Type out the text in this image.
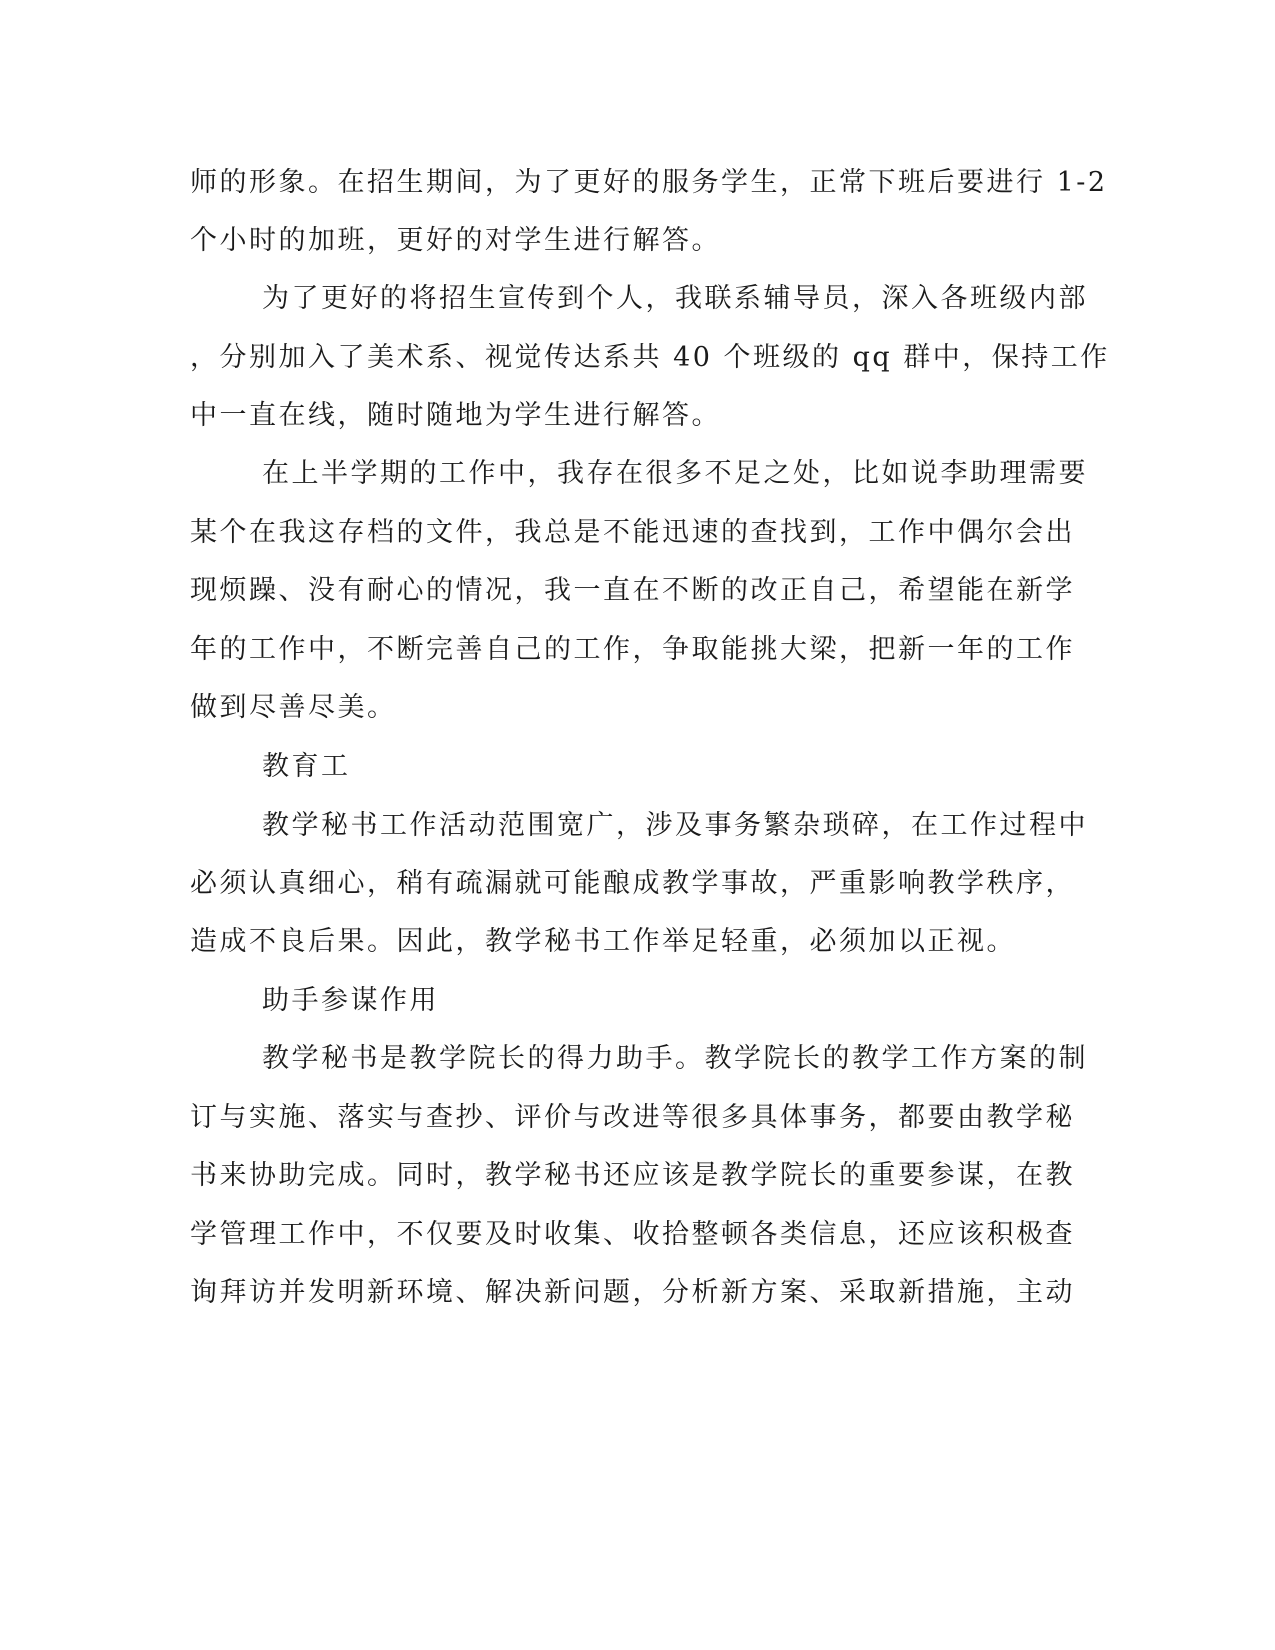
师的形象。在招生期间，为了更好的服务学生，正常下班后要进行 1-2

个小时的加班，更好的对学生进行解答。

为了更好的将招生宣传到个人，我联系辅导员，深入各班级内部

，分别加入了美术系、视觉传达系共 40 个班级的 qq 群中，保持工作

中一直在线，随时随地为学生进行解答。

在上半学期的工作中，我存在很多不足之处，比如说李助理需要

某个在我这存档的文件，我总是不能迅速的查找到，工作中偶尔会出

现烦躁、没有耐心的情况，我一直在不断的改正自己，希望能在新学

年的工作中，不断完善自己的工作，争取能挑大梁，把新一年的工作

做到尽善尽美。

教育工

教学秘书工作活动范围宽广，涉及事务繁杂琐碎，在工作过程中

必须认真细心，稍有疏漏就可能酿成教学事故，严重影响教学秩序，

造成不良后果。因此，教学秘书工作举足轻重，必须加以正视。

助手参谋作用

教学秘书是教学院长的得力助手。教学院长的教学工作方案的制

订与实施、落实与查抄、评价与改进等很多具体事务，都要由教学秘

书来协助完成。同时，教学秘书还应该是教学院长的重要参谋，在教

学管理工作中，不仅要及时收集、收拾整顿各类信息，还应该积极查

询拜访并发明新环境、解决新问题，分析新方案、采取新措施，主动
